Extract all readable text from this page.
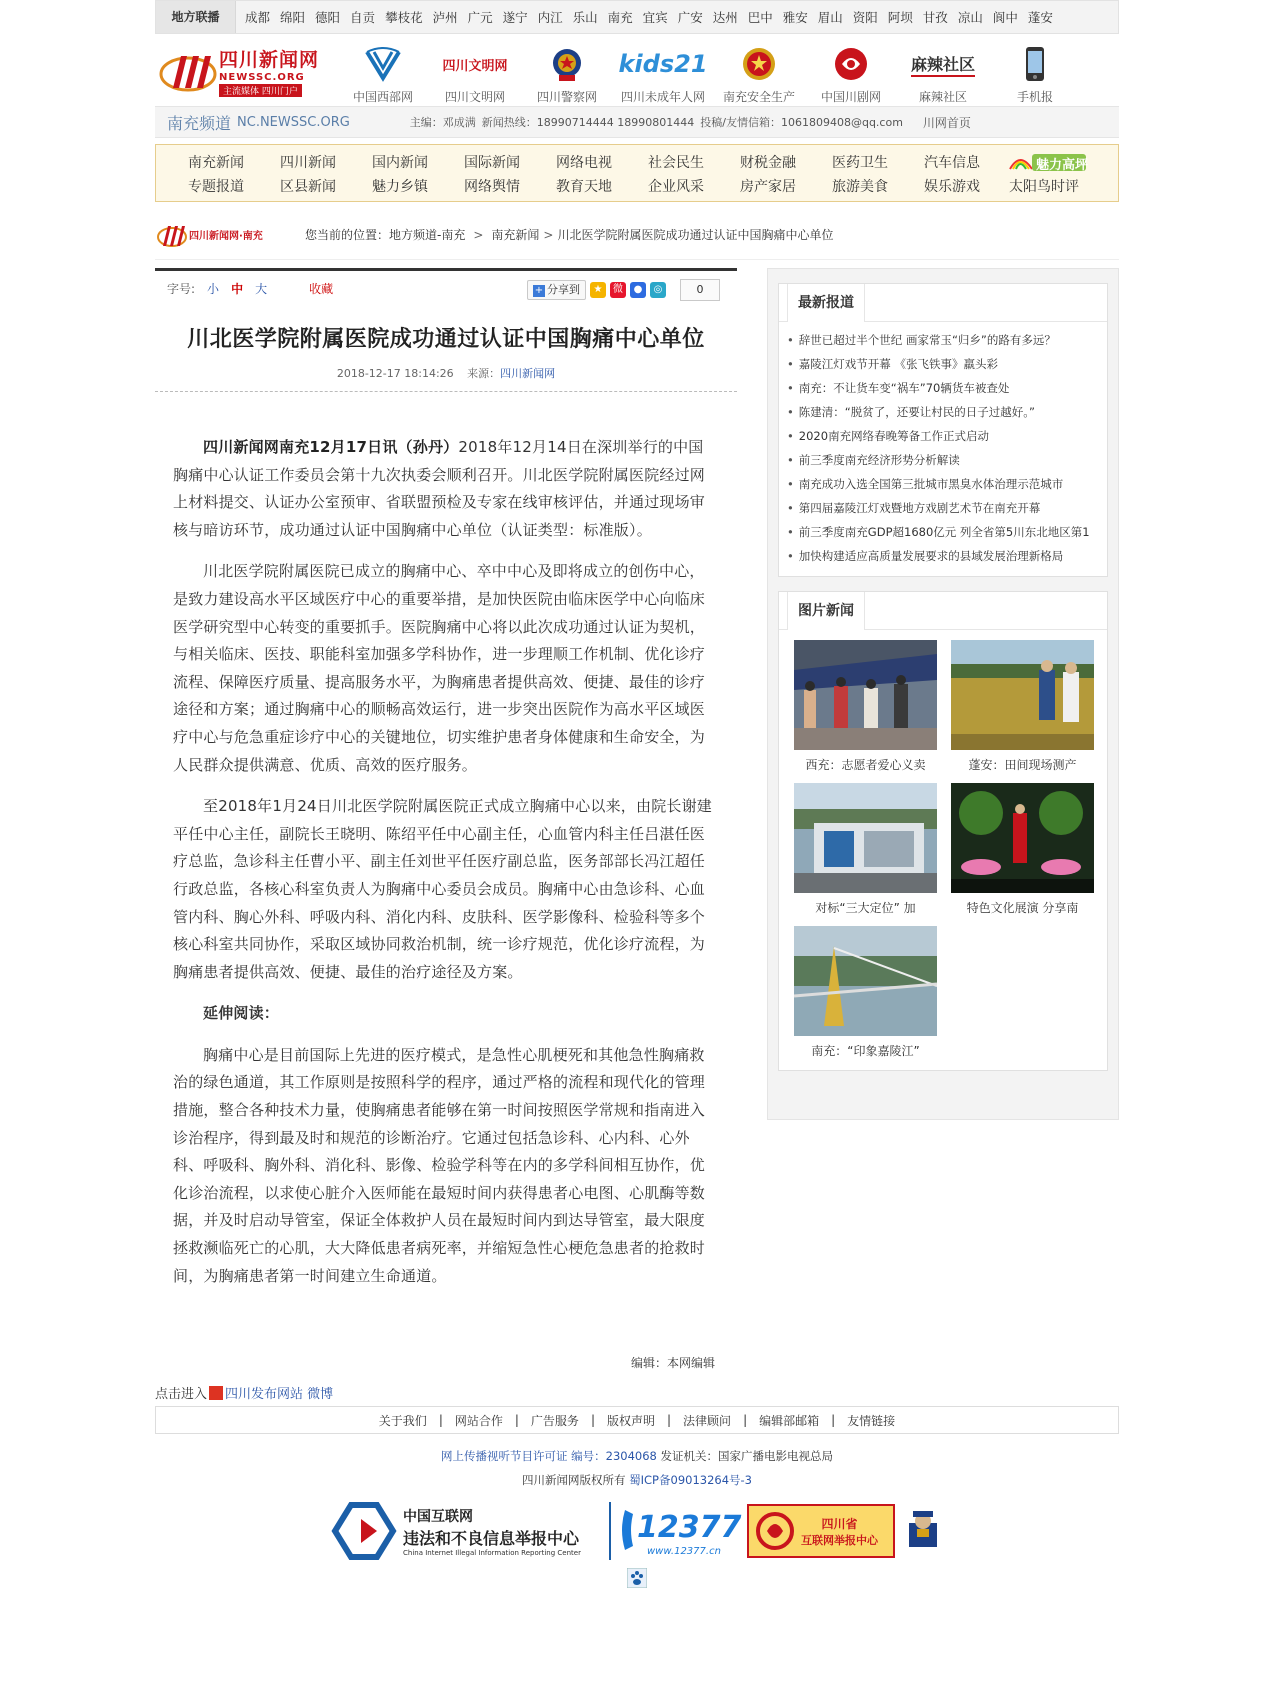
地方联播	成都 绵阳 德阳 自贡 攀枝花 泸州 广元 遂宁 内江 乐山 南充 宜宾 广安 达州 巴中 雅安 眉山 资阳 阿坝 甘孜 凉山 阆中 蓬安
四川新闻网
NEWSSC.ORG
主流媒体 四川门户	中国西部网
四川文明网
四川文明网	四川警察网
kids21
四川未成年人网	南充安全生产	中国川剧网
麻辣社区
麻辣社区	手机报
南充频道 NC.NEWSSC.ORG	主编：邓成满 新闻热线：18990714444 18990801444 投稿/友情信箱：1061809408@qq.com 川网首页
南充新闻	四川新闻	国内新闻	国际新闻	网络电视	社会民生	财税金融	医药卫生	汽车信息
专题报道	区县新闻	魅力乡镇	网络舆情	教育天地	企业风采	房产家居	旅游美食	娱乐游戏	太阳鸟时评
魅力高坪
四川新闻网·南充	您当前的位置：地方频道-南充 > 南充新闻 > 川北医学院附属医院成功通过认证中国胸痛中心单位
字号: 小 中 大	收藏	+ 分享到	★	微	●	◎	0
川北医学院附属医院成功通过认证中国胸痛中心单位
2018-12-17 18:14:26 来源：四川新闻网

四川新闻网南充12月17日讯（孙丹）2018年12月14日在深圳举行的中国胸痛中心认证工作委员会第十九次执委会顺利召开。川北医学院附属医院经过网上材料提交、认证办公室预审、省联盟预检及专家在线审核评估，并通过现场审核与暗访环节，成功通过认证中国胸痛中心单位（认证类型：标准版）。

川北医学院附属医院已成立的胸痛中心、卒中中心及即将成立的创伤中心，是致力建设高水平区域医疗中心的重要举措，是加快医院由临床医学中心向临床医学研究型中心转变的重要抓手。医院胸痛中心将以此次成功通过认证为契机，与相关临床、医技、职能科室加强多学科协作，进一步理顺工作机制、优化诊疗流程、保障医疗质量、提高服务水平，为胸痛患者提供高效、便捷、最佳的诊疗途径和方案；通过胸痛中心的顺畅高效运行，进一步突出医院作为高水平区域医疗中心与危急重症诊疗中心的关键地位，切实维护患者身体健康和生命安全，为人民群众提供满意、优质、高效的医疗服务。

至2018年1月24日川北医学院附属医院正式成立胸痛中心以来，由院长谢建平任中心主任，副院长王晓明、陈绍平任中心副主任，心血管内科主任吕湛任医疗总监，急诊科主任曹小平、副主任刘世平任医疗副总监，医务部部长冯江超任行政总监，各核心科室负责人为胸痛中心委员会成员。胸痛中心由急诊科、心血管内科、胸心外科、呼吸内科、消化内科、皮肤科、医学影像科、检验科等多个核心科室共同协作，采取区域协同救治机制，统一诊疗规范，优化诊疗流程，为胸痛患者提供高效、便捷、最佳的治疗途径及方案。

延伸阅读：

胸痛中心是目前国际上先进的医疗模式，是急性心肌梗死和其他急性胸痛救治的绿色通道，其工作原则是按照科学的程序，通过严格的流程和现代化的管理措施，整合各种技术力量，使胸痛患者能够在第一时间按照医学常规和指南进入诊治程序，得到最及时和规范的诊断治疗。它通过包括急诊科、心内科、心外科、呼吸科、胸外科、消化科、影像、检验学科等在内的多学科间相互协作，优化诊治流程，以求使心脏介入医师能在最短时间内获得患者心电图、心肌酶等数据，并及时启动导管室，保证全体救护人员在最短时间内到达导管室，最大限度拯救濒临死亡的心肌，大大降低患者病死率，并缩短急性心梗危急患者的抢救时间，为胸痛患者第一时间建立生命通道。

编辑：本网编辑
最新报道
• 辞世已超过半个世纪 画家常玉“归乡”的路有多远？
• 嘉陵江灯戏节开幕 《张飞铁事》羸头彩
• 南充：不让货车变“祸车”70辆货车被查处
• 陈建清：“脱贫了，还要让村民的日子过越好。”
• 2020南充网络春晚筹备工作正式启动
• 前三季度南充经济形势分析解读
• 南充成功入选全国第三批城市黑臭水体治理示范城市
• 第四届嘉陵江灯戏暨地方戏剧艺术节在南充开幕
• 前三季度南充GDP超1680亿元 列全省第5川东北地区第1
• 加快构建适应高质量发展要求的县域发展治理新格局
图片新闻
西充：志愿者爱心义卖	蓬安：田间现场测产
对标“三大定位” 加	特色文化展演 分享南
南充：“印象嘉陵江”
点击进入 四川发布网站 微博
关于我们 | 网站合作 | 广告服务 | 版权声明 | 法律顾问 | 编辑部邮箱 | 友情链接
网上传播视听节目许可证 编号：2304068 发证机关：国家广播电影电视总局
四川新闻网版权所有 蜀ICP备09013264号-3
中国互联网
违法和不良信息举报中心
China Internet Illegal Information Reporting Center
12377
www.12377.cn
四川省
互联网举报中心
